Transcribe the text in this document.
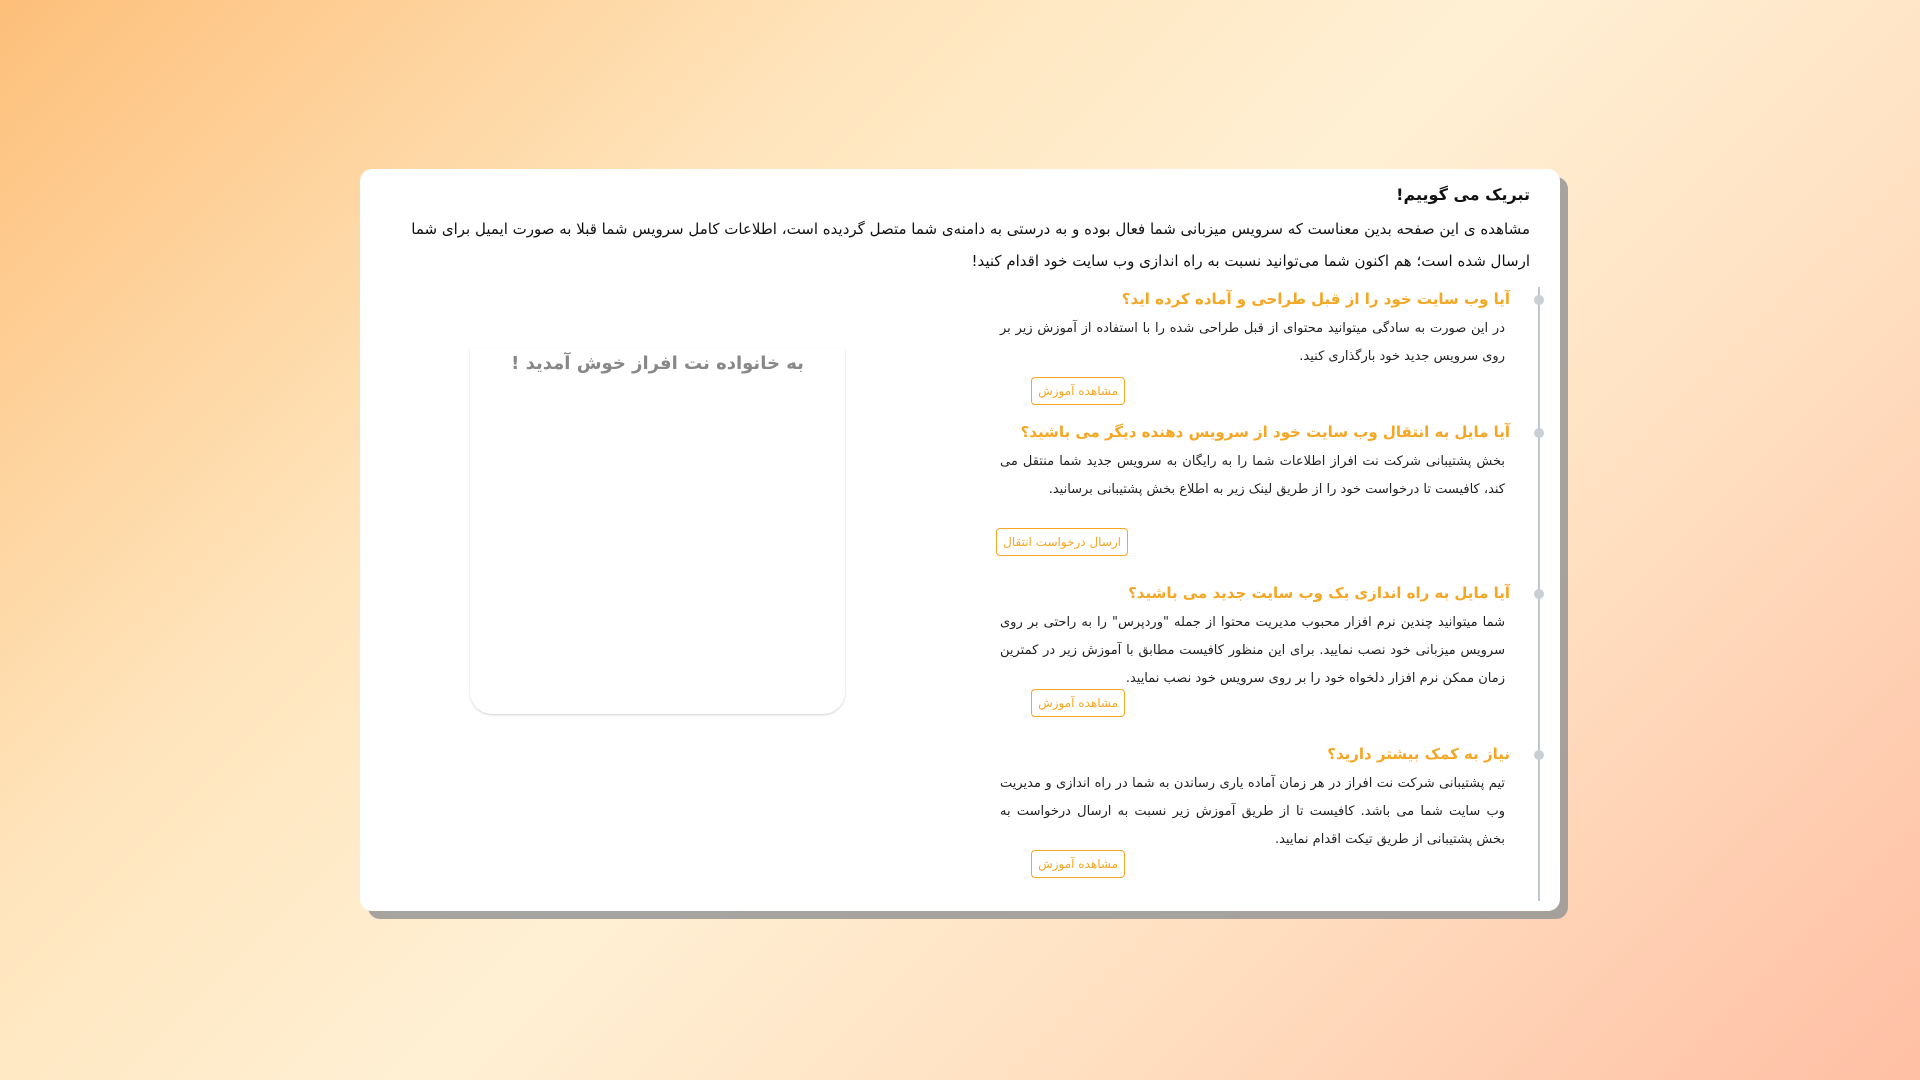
تبریک می گوییم!

مشاهده ی این صفحه بدین معناست که سرویس میزبانی شما فعال بوده و به درستی به دامنه‌ی شما متصل گردیده است، اطلاعات کامل سرویس شما قبلا به صورت ایمیل برای شما ارسال شده است؛ هم اکنون شما می‌توانید نسبت به راه اندازی وب سایت خود اقدام کنید!

آیا وب سایت خود را از قبل طراحی و آماده کرده اید؟

در این صورت به سادگی میتوانید محتوای از قبل طراحی شده را با استفاده از آموزش زیر بر روی سرویس جدید خود بارگذاری کنید.

مشاهده آموزش
آیا مایل به انتقال وب سایت خود از سرویس دهنده دیگر می باشید؟

بخش پشتیبانی شرکت نت افراز اطلاعات شما را به رایگان به سرویس جدید شما منتقل می کند، کافیست تا درخواست خود را از طریق لینک زیر به اطلاع بخش پشتیبانی برسانید.

ارسال درخواست انتقال
آیا مایل به راه اندازی یک وب سایت جدید می باشید؟

شما میتوانید چندین نرم افزار محبوب مدیریت محتوا از جمله "وردپرس" را به راحتی بر روی سرویس میزبانی خود نصب نمایید. برای این منظور کافیست مطابق با آموزش زیر در کمترین زمان ممکن نرم افزار دلخواه خود را بر روی سرویس خود نصب نمایید.

مشاهده آموزش
نیاز به کمک بیشتر دارید؟

تیم پشتیبانی شرکت نت افراز در هر زمان آماده یاری رساندن به شما در راه اندازی و مدیریت وب سایت شما می باشد. کافیست تا از طریق آموزش زیر نسبت به ارسال درخواست به بخش پشتیبانی از طریق تیکت اقدام نمایید.

مشاهده آموزش

به خانواده نت افراز خوش آمدید !
